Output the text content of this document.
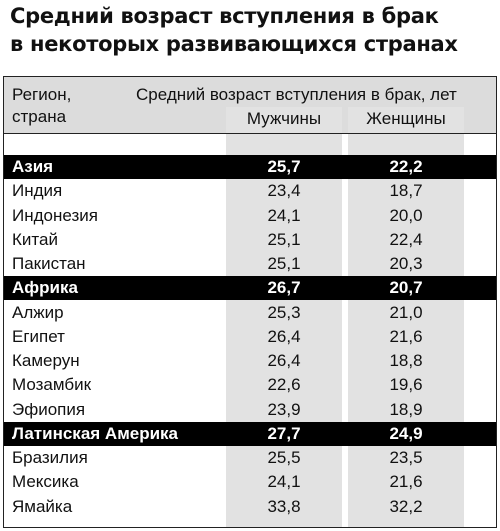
Средний возраст вступления в брак
в некоторых развивающихся странах
Регион,
страна
Средний возраст вступления в брак, лет
Мужчины	Женщины
Азия	25,7	22,2
Индия	23,4	18,7
Индонезия	24,1	20,0
Китай	25,1	22,4
Пакистан	25,1	20,3
Африка	26,7	20,7
Алжир	25,3	21,0
Египет	26,4	21,6
Камерун	26,4	18,8
Мозамбик	22,6	19,6
Эфиопия	23,9	18,9
Латинская Америка	27,7	24,9
Бразилия	25,5	23,5
Мексика	24,1	21,6
Ямайка	33,8	32,2
